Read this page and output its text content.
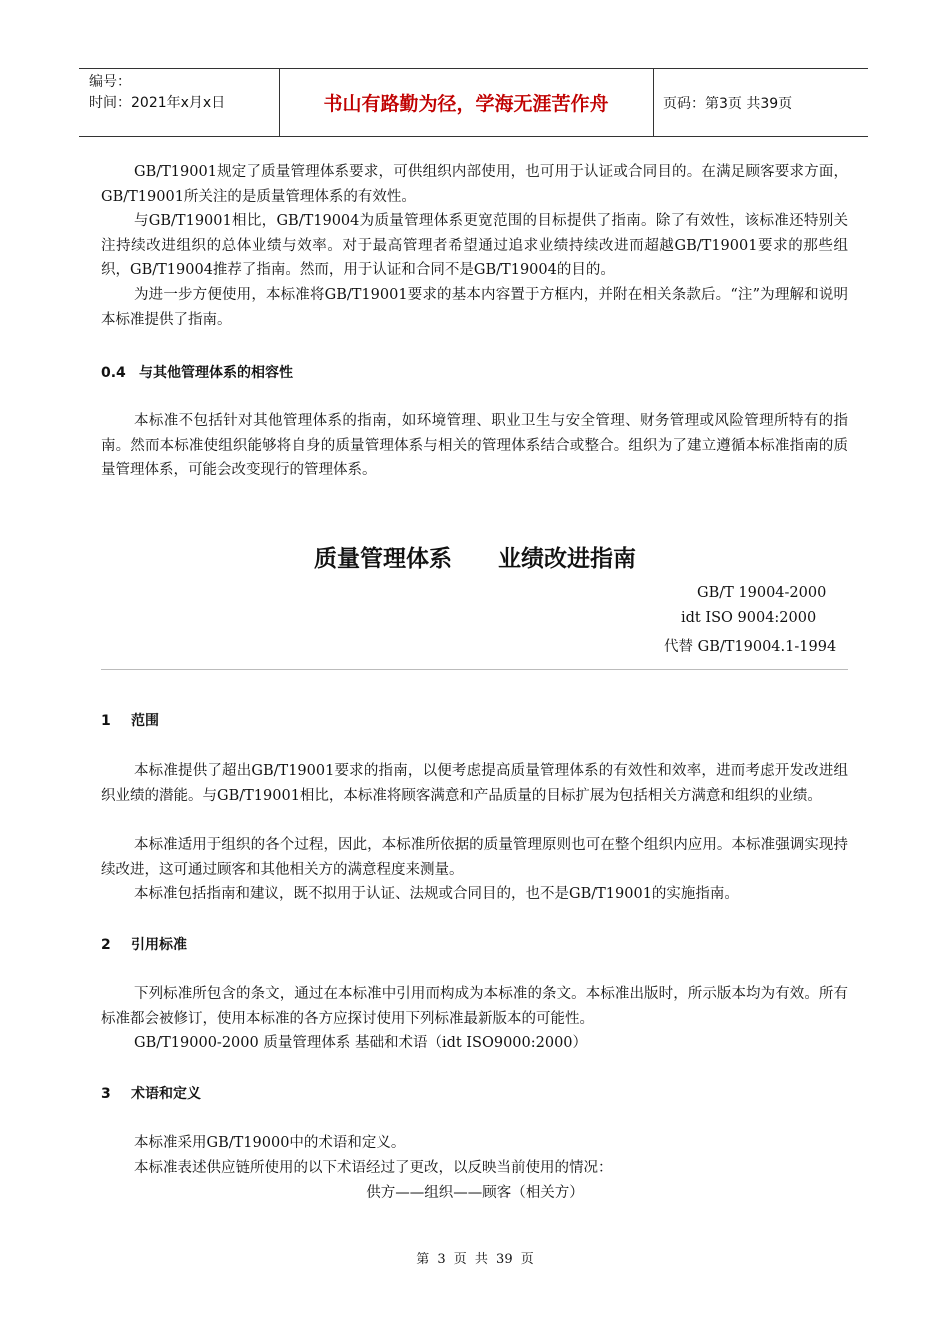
编号：
时间：2021年x月x日	书山有路勤为径，学海无涯苦作舟	页码：第3页 共39页

GB/T19001规定了质量管理体系要求，可供组织内部使用，也可用于认证或合同目的。在满足顾客要求方面，GB/T19001所关注的是质量管理体系的有效性。

与GB/T19001相比，GB/T19004为质量管理体系更宽范围的目标提供了指南。除了有效性，该标准还特别关注持续改进组织的总体业绩与效率。对于最高管理者希望通过追求业绩持续改进而超越GB/T19001要求的那些组织，GB/T19004推荐了指南。然而，用于认证和合同不是GB/T19004的目的。

为进一步方便使用，本标准将GB/T19001要求的基本内容置于方框内，并附在相关条款后。“注”为理解和说明本标准提供了指南。

0.4 与其他管理体系的相容性

本标准不包括针对其他管理体系的指南，如环境管理、职业卫生与安全管理、财务管理或风险管理所特有的指南。然而本标准使组织能够将自身的质量管理体系与相关的管理体系结合或整合。组织为了建立遵循本标准指南的质量管理体系，可能会改变现行的管理体系。

质量管理体系 业绩改进指南
GB/T 19004-2000
idt ISO 9004:2000
代替 GB/T19004.1-1994
1 范围

本标准提供了超出GB/T19001要求的指南，以便考虑提高质量管理体系的有效性和效率，进而考虑开发改进组织业绩的潜能。与GB/T19001相比，本标准将顾客满意和产品质量的目标扩展为包括相关方满意和组织的业绩。

本标准适用于组织的各个过程，因此，本标准所依据的质量管理原则也可在整个组织内应用。本标准强调实现持续改进，这可通过顾客和其他相关方的满意程度来测量。

本标准包括指南和建议，既不拟用于认证、法规或合同目的，也不是GB/T19001的实施指南。

2 引用标准

下列标准所包含的条文，通过在本标准中引用而构成为本标准的条文。本标准出版时，所示版本均为有效。所有标准都会被修订，使用本标准的各方应探讨使用下列标准最新版本的可能性。

GB/T19000-2000 质量管理体系 基础和术语（idt ISO9000:2000）

3 术语和定义

本标准采用GB/T19000中的术语和定义。

本标准表述供应链所使用的以下术语经过了更改，以反映当前使用的情况：

供方——组织——顾客（相关方）
第 3 页 共 39 页
